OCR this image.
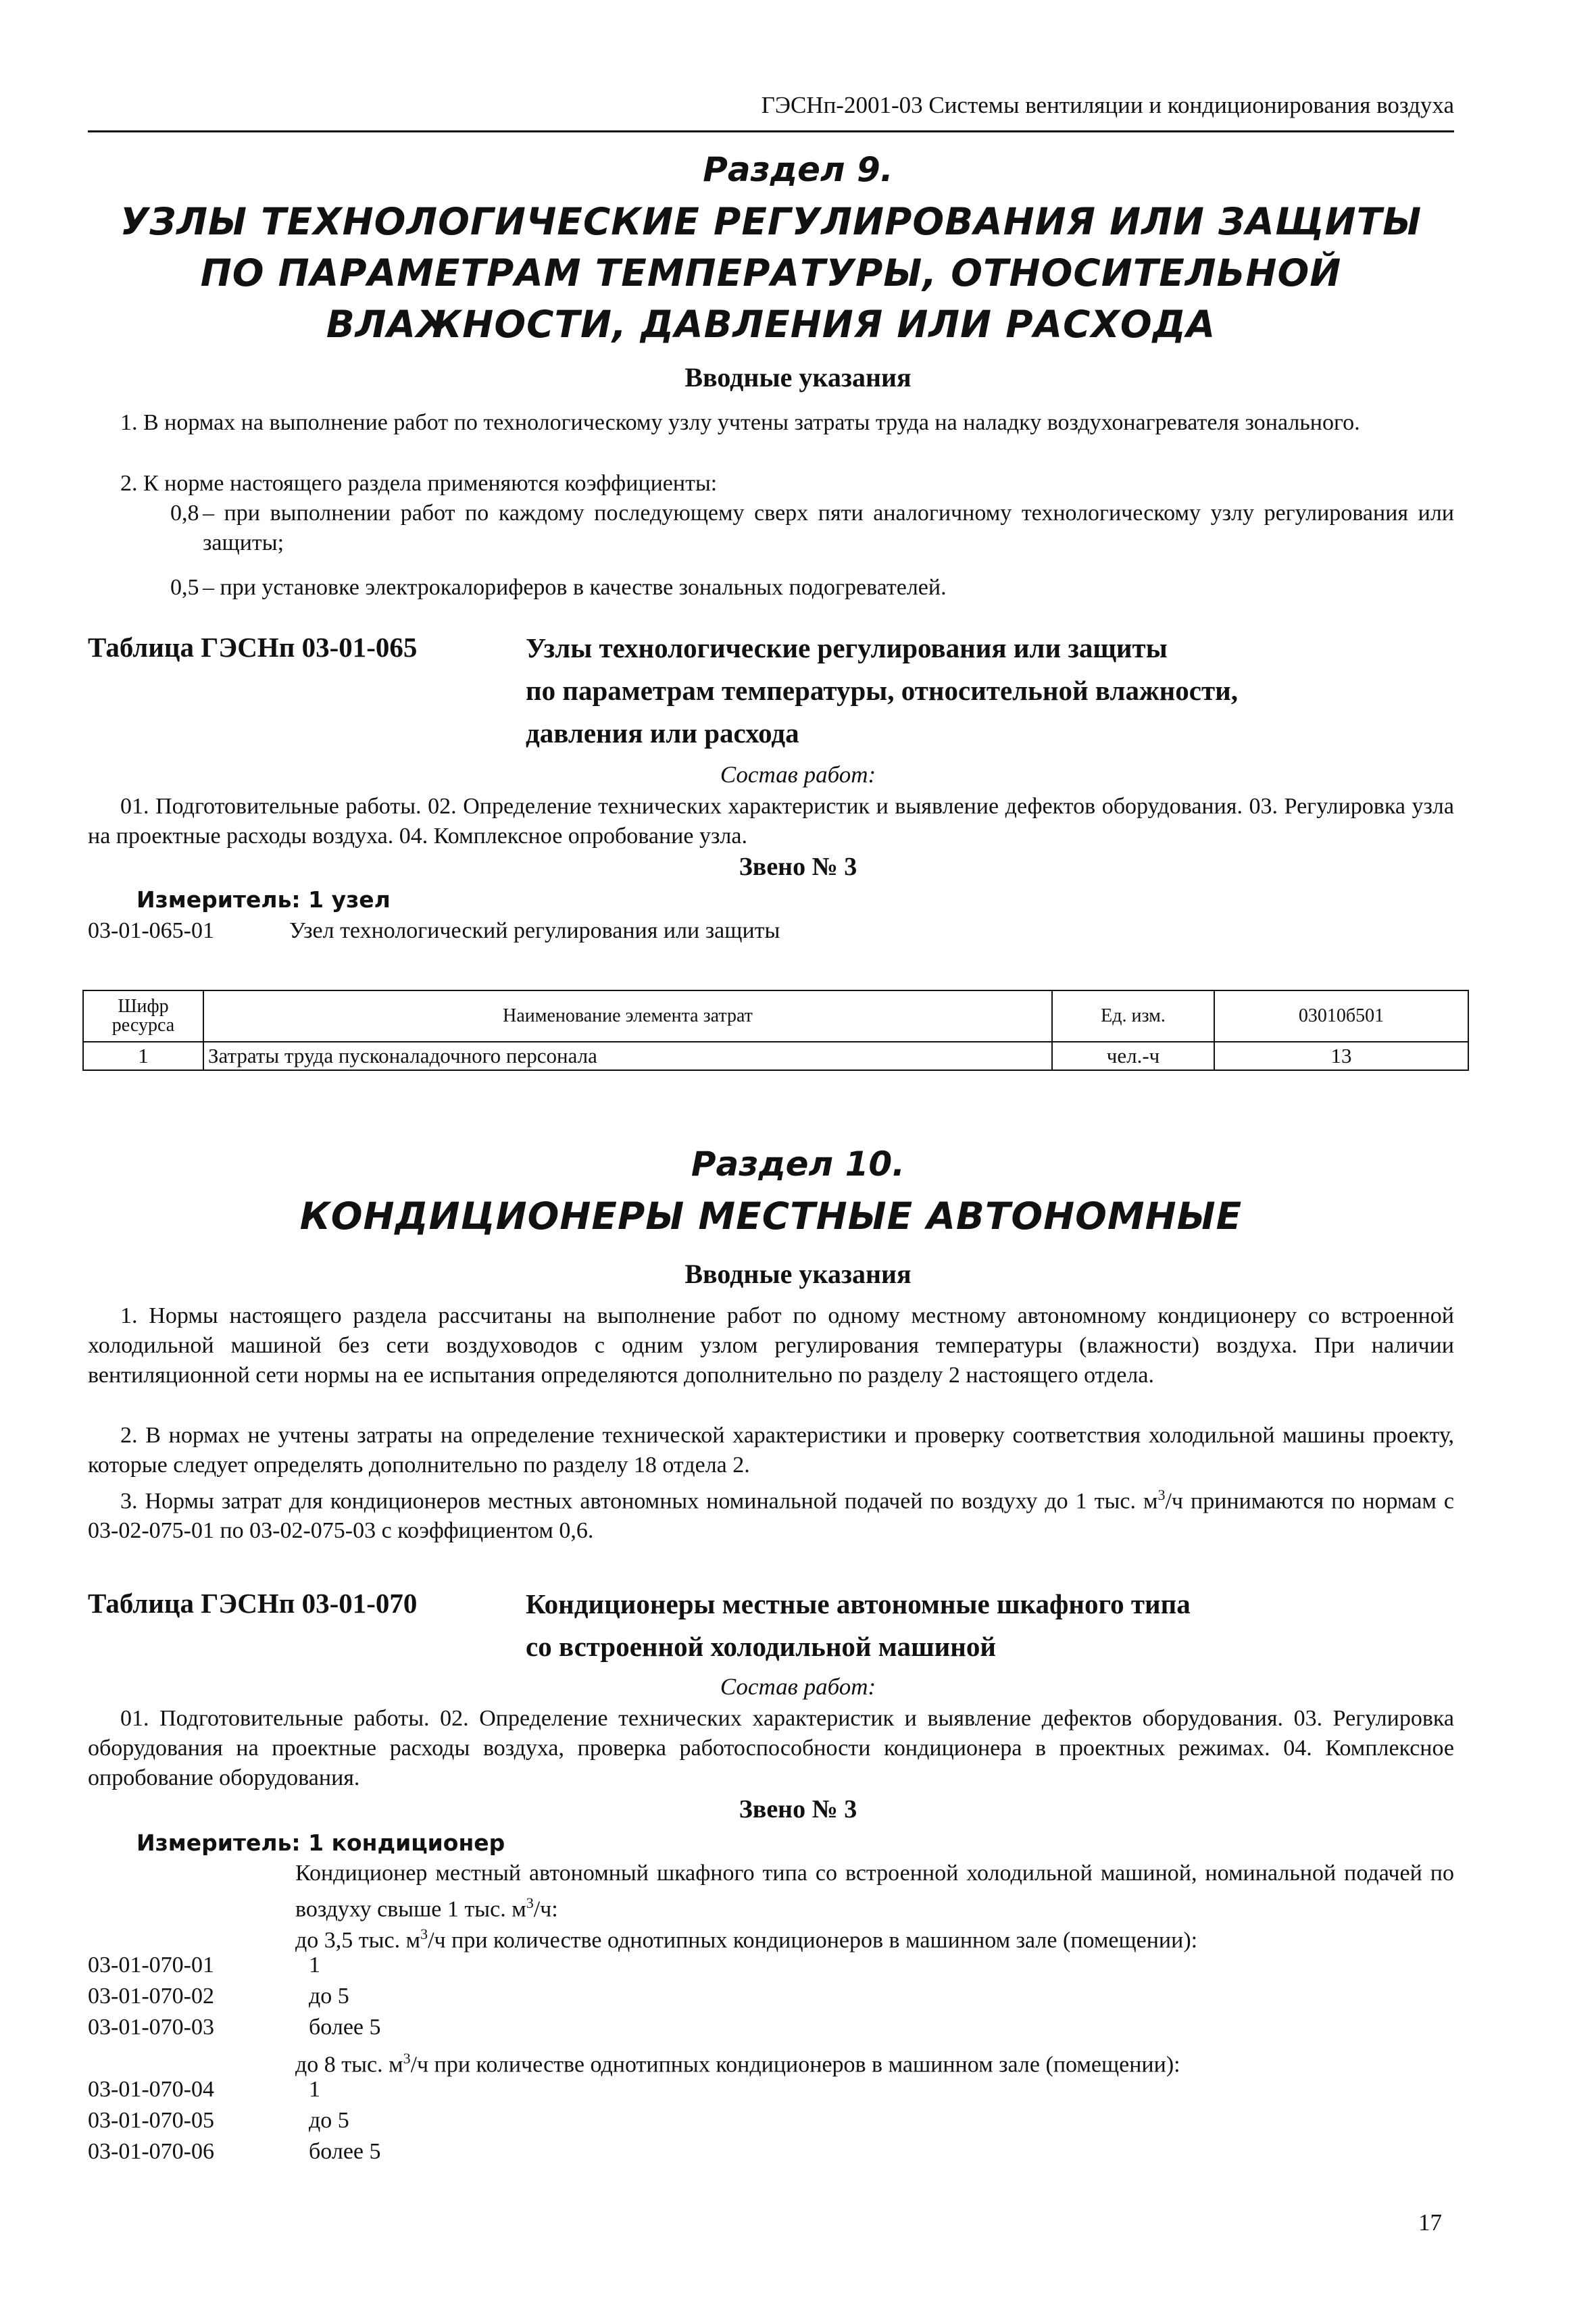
ГЭСНп-2001-03 Системы вентиляции и кондиционирования воздуха
Раздел 9.
УЗЛЫ ТЕХНОЛОГИЧЕСКИЕ РЕГУЛИРОВАНИЯ ИЛИ ЗАЩИТЫ
ПО ПАРАМЕТРАМ ТЕМПЕРАТУРЫ, ОТНОСИТЕЛЬНОЙ
ВЛАЖНОСТИ, ДАВЛЕНИЯ ИЛИ РАСХОДА
Вводные указания
1. В нормах на выполнение работ по технологическому узлу учтены затраты труда на наладку воздухонагревателя зонального.
2. К норме настоящего раздела применяются коэффициенты:
0,8 – при выполнении работ по каждому последующему сверх пяти аналогичному технологическому узлу регулирования или защиты;
0,5 – при установке электрокалориферов в качестве зональных подогревателей.
Таблица ГЭСНп 03-01-065	Узлы технологические регулирования или защиты
по параметрам температуры, относительной влажности,
давления или расхода
Состав работ:
01. Подготовительные работы. 02. Определение технических характеристик и выявление дефектов оборудования. 03. Регулировка узла на проектные расходы воздуха. 04. Комплексное опробование узла.
Звено № 3
Измеритель: 1 узел
03-01-065-01	Узел технологический регулирования или защиты
Шифр ресурса	Наименование элемента затрат	Ед. изм.	03010б501
1	Затраты труда пусконаладочного персонала	чел.-ч	13
Раздел 10.
КОНДИЦИОНЕРЫ МЕСТНЫЕ АВТОНОМНЫЕ
Вводные указания
1. Нормы настоящего раздела рассчитаны на выполнение работ по одному местному автономному кондиционеру со встроенной холодильной машиной без сети воздуховодов с одним узлом регулирования температуры (влажности) воздуха. При наличии вентиляционной сети нормы на ее испытания определяются дополнительно по разделу 2 настоящего отдела.
2. В нормах не учтены затраты на определение технической характеристики и проверку соответствия холодильной машины проекту, которые следует определять дополнительно по разделу 18 отдела 2.
3. Нормы затрат для кондиционеров местных автономных номинальной подачей по воздуху до 1 тыс. $м^3/ч$ принимаются по нормам с 03-02-075-01 по 03-02-075-03 с коэффициентом 0,6.
Таблица ГЭСНп 03-01-070	Кондиционеры местные автономные шкафного типа
со встроенной холодильной машиной
Состав работ:
01. Подготовительные работы. 02. Определение технических характеристик и выявление дефектов оборудования. 03. Регулировка оборудования на проектные расходы воздуха, проверка работоспособности кондиционера в проектных режимах. 04. Комплексное опробование оборудования.
Звено № 3
Измеритель: 1 кондиционер
Кондиционер местный автономный шкафного типа со встроенной холодильной машиной, номинальной подачей по воздуху свыше 1 тыс. $м^3/ч$:
до 3,5 тыс. $м^3/ч$ при количестве однотипных кондиционеров в машинном зале (помещении):
03-01-070-01	1
03-01-070-02	до 5
03-01-070-03	более 5
до 8 тыс. $м^3/ч$ при количестве однотипных кондиционеров в машинном зале (помещении):
03-01-070-04	1
03-01-070-05	до 5
03-01-070-06	более 5
17
